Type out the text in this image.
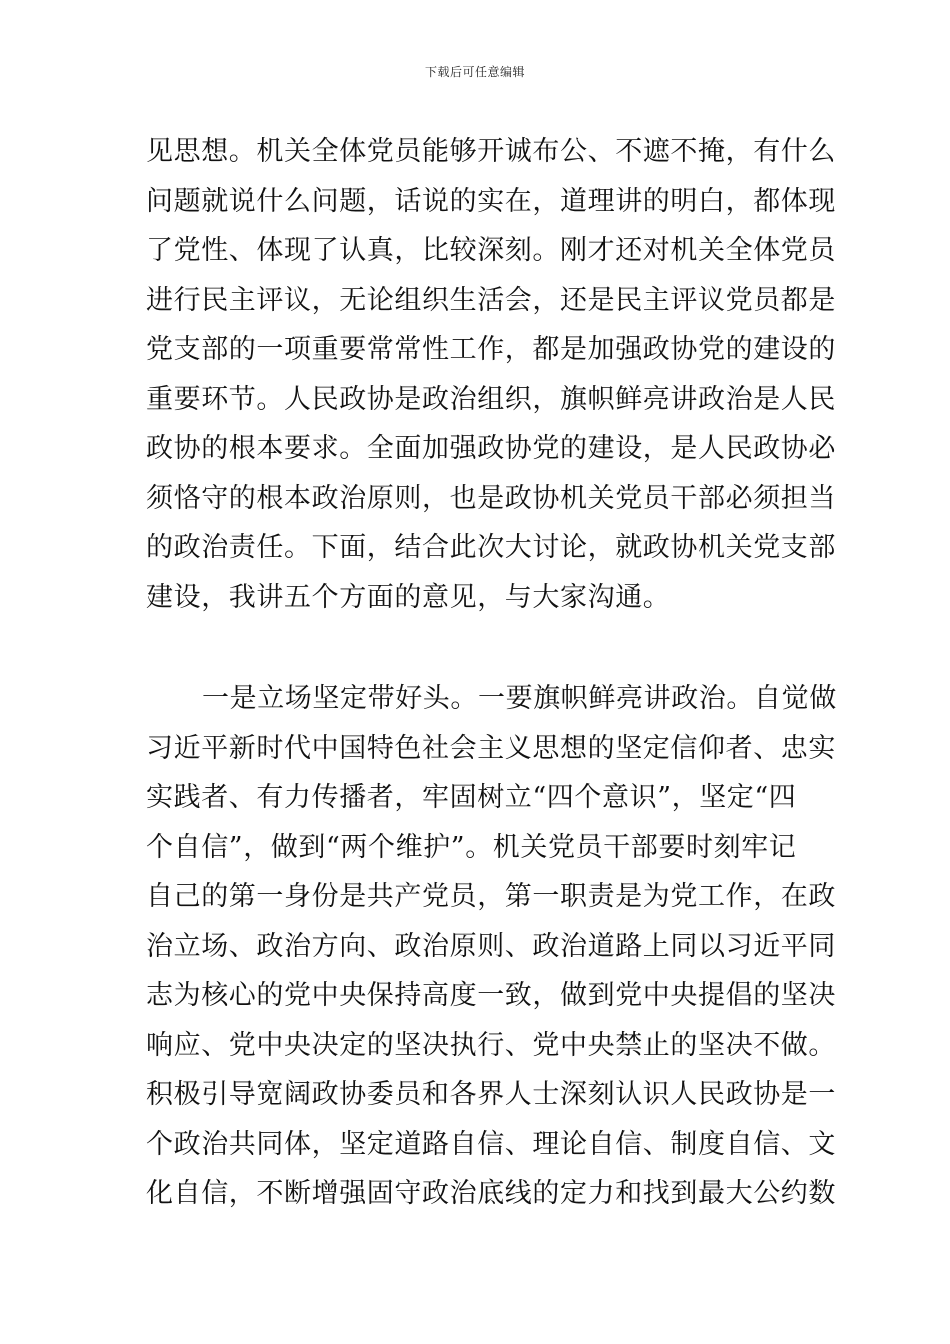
下载后可任意编辑
见思想。机关全体党员能够开诚布公、不遮不掩，有什么
问题就说什么问题，话说的实在，道理讲的明白，都体现
了党性、体现了认真，比较深刻。刚才还对机关全体党员
进行民主评议，无论组织生活会，还是民主评议党员都是
党支部的一项重要常常性工作，都是加强政协党的建设的
重要环节。人民政协是政治组织，旗帜鲜亮讲政治是人民
政协的根本要求。全面加强政协党的建设，是人民政协必
须恪守的根本政治原则，也是政协机关党员干部必须担当
的政治责任。下面，结合此次大讨论，就政协机关党支部
建设，我讲五个方面的意见，与大家沟通。
一是立场坚定带好头。一要旗帜鲜亮讲政治。自觉做
习近平新时代中国特色社会主义思想的坚定信仰者、忠实
实践者、有力传播者，牢固树立“四个意识”，坚定“四
个自信”，做到“两个维护”。机关党员干部要时刻牢记
自己的第一身份是共产党员，第一职责是为党工作，在政
治立场、政治方向、政治原则、政治道路上同以习近平同
志为核心的党中央保持高度一致，做到党中央提倡的坚决
响应、党中央决定的坚决执行、党中央禁止的坚决不做。
积极引导宽阔政协委员和各界人士深刻认识人民政协是一
个政治共同体，坚定道路自信、理论自信、制度自信、文
化自信，不断增强固守政治底线的定力和找到最大公约数
